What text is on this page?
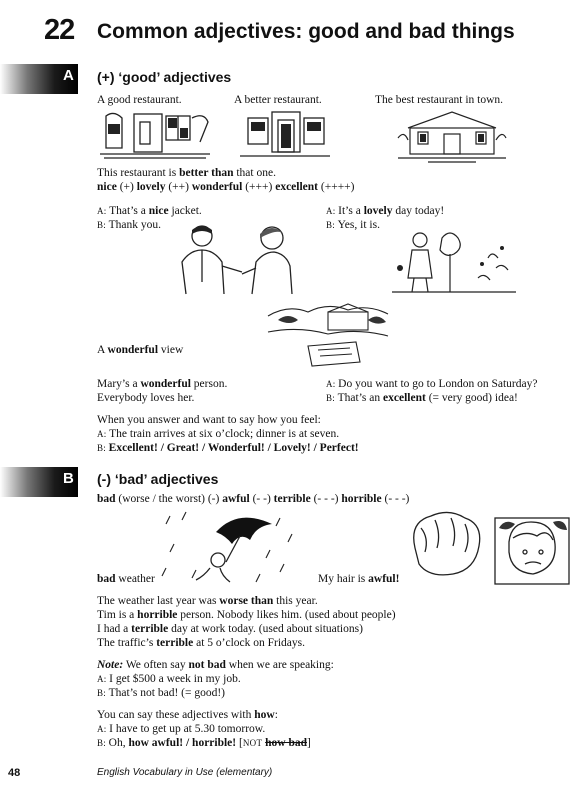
22 Common adjectives: good and bad things
A (+) ‘good’ adjectives
A good restaurant.	A better restaurant.	The best restaurant in town.
This restaurant is better than that one.
nice (+) lovely (++) wonderful (+++) excellent (++++)
A: That’s a nice jacket.
B: Thank you.
A: It’s a lovely day today!
B: Yes, it is.
A wonderful view
Mary’s a wonderful person.
Everybody loves her.
A: Do you want to go to London on Saturday?
B: That’s an excellent (= very good) idea!
When you answer and want to say how you feel:
A: The train arrives at six o’clock; dinner is at seven.
B: Excellent! / Great! / Wonderful! / Lovely! / Perfect!
B (-) ‘bad’ adjectives
bad (worse / the worst) (-) awful (- -) terrible (- - -) horrible (- - -)
bad weather	My hair is awful!
The weather last year was worse than this year.
Tim is a horrible person. Nobody likes him. (used about people)
I had a terrible day at work today. (used about situations)
The traffic’s terrible at 5 o’clock on Fridays.
Note: We often say not bad when we are speaking:
A: I get $500 a week in my job.
B: That’s not bad! (= good!)
You can say these adjectives with how:
A: I have to get up at 5.30 tomorrow.
B: Oh, how awful! / horrible! [NOT how bad]
48	English Vocabulary in Use (elementary)
